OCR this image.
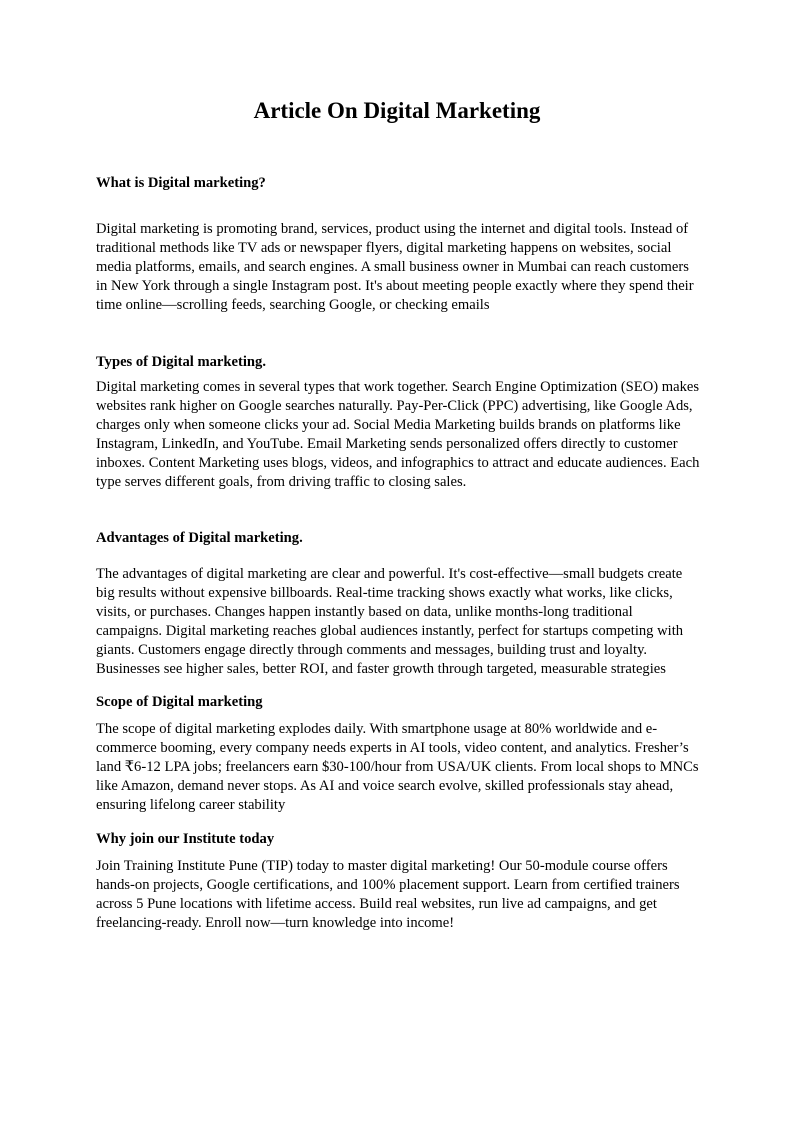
Article On Digital Marketing
What is Digital marketing?

Digital marketing is promoting brand, services, product using the internet and digital tools. Instead of traditional methods like TV ads or newspaper flyers, digital marketing happens on websites, social media platforms, emails, and search engines. A small business owner in Mumbai can reach customers in New York through a single Instagram post. It's about meeting people exactly where they spend their time online—scrolling feeds, searching Google, or checking emails

Types of Digital marketing.

Digital marketing comes in several types that work together. Search Engine Optimization (SEO) makes websites rank higher on Google searches naturally. Pay-Per-Click (PPC) advertising, like Google Ads, charges only when someone clicks your ad. Social Media Marketing builds brands on platforms like Instagram, LinkedIn, and YouTube. Email Marketing sends personalized offers directly to customer inboxes. Content Marketing uses blogs, videos, and infographics to attract and educate audiences. Each type serves different goals, from driving traffic to closing sales.

Advantages of Digital marketing.

The advantages of digital marketing are clear and powerful. It's cost-effective—small budgets create big results without expensive billboards. Real-time tracking shows exactly what works, like clicks, visits, or purchases. Changes happen instantly based on data, unlike months-long traditional campaigns. Digital marketing reaches global audiences instantly, perfect for startups competing with giants. Customers engage directly through comments and messages, building trust and loyalty. Businesses see higher sales, better ROI, and faster growth through targeted, measurable strategies

Scope of Digital marketing

The scope of digital marketing explodes daily. With smartphone usage at 80% worldwide and e-commerce booming, every company needs experts in AI tools, video content, and analytics. Fresher’s land ₹6-12 LPA jobs; freelancers earn $30-100/hour from USA/UK clients. From local shops to MNCs like Amazon, demand never stops. As AI and voice search evolve, skilled professionals stay ahead, ensuring lifelong career stability

Why join our Institute today

Join Training Institute Pune (TIP) today to master digital marketing! Our 50-module course offers hands-on projects, Google certifications, and 100% placement support. Learn from certified trainers across 5 Pune locations with lifetime access. Build real websites, run live ad campaigns, and get freelancing-ready. Enroll now—turn knowledge into income!
